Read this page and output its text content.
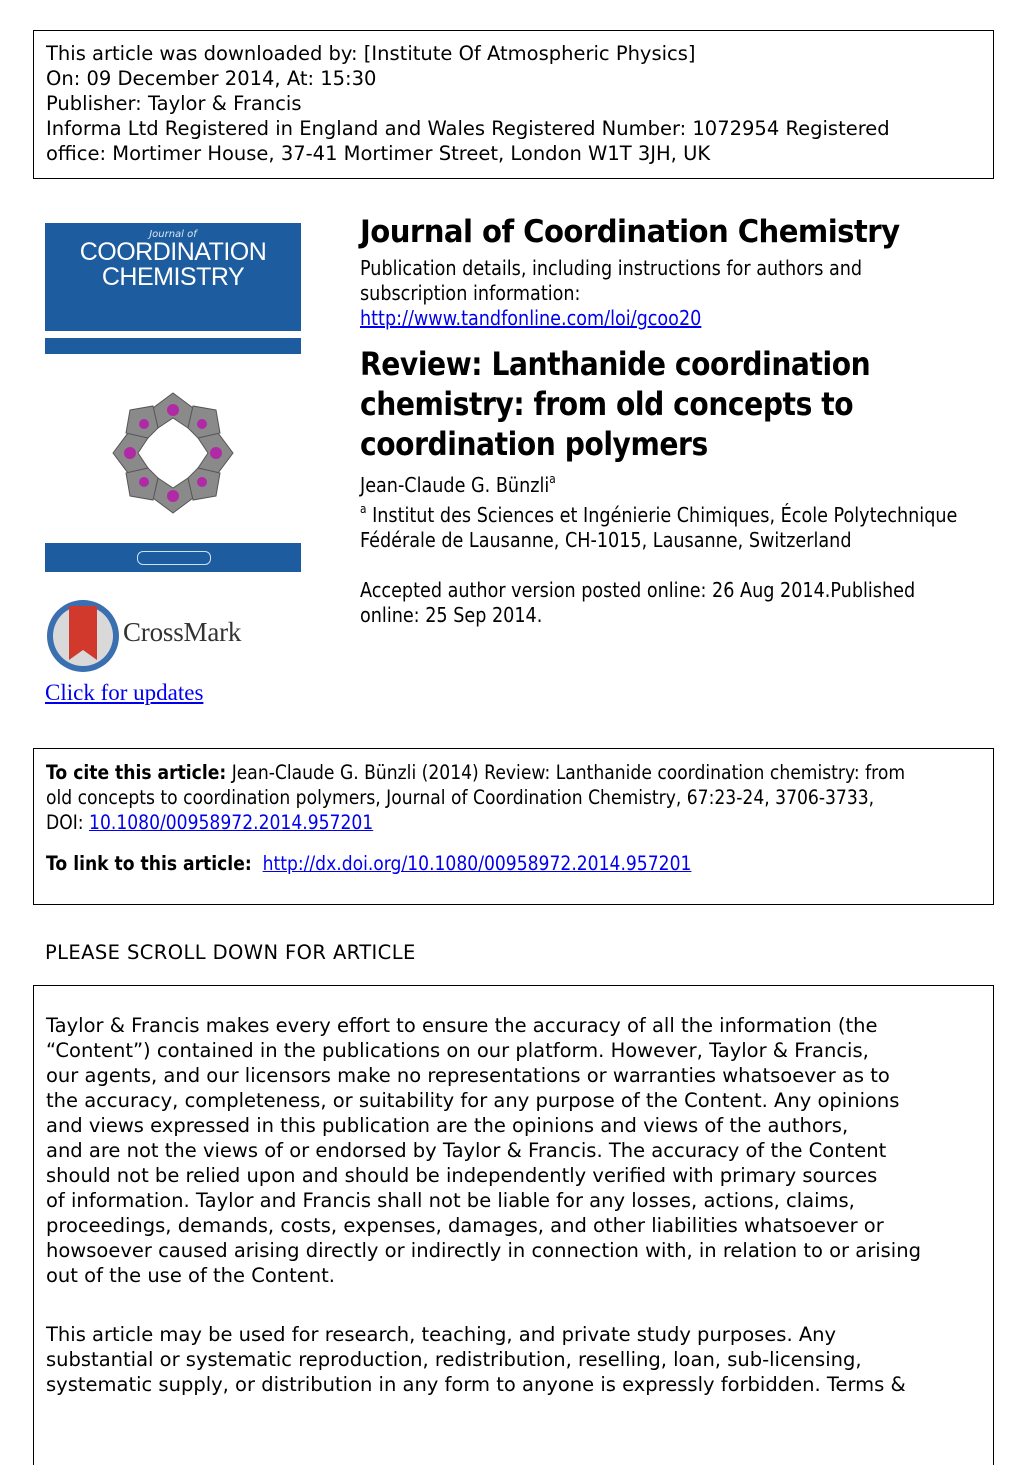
This article was downloaded by: [Institute Of Atmospheric Physics]
On: 09 December 2014, At: 15:30
Publisher: Taylor & Francis
Informa Ltd Registered in England and Wales Registered Number: 1072954 Registered
office: Mortimer House, 37-41 Mortimer Street, London W1T 3JH, UK
Journal of
COORDINATION
CHEMISTRY
CrossMark
Click for updates
Journal of Coordination Chemistry
Publication details, including instructions for authors and
subscription information:
http://www.tandfonline.com/loi/gcoo20
Review: Lanthanide coordination chemistry: from old concepts to coordination polymers
Jean-Claude G. Bünzli$^a$
$^a$ Institut des Sciences et Ingénierie Chimiques, École Polytechnique Fédérale de Lausanne, CH-1015, Lausanne, Switzerland
Accepted author version posted online: 26 Aug 2014.Published
online: 25 Sep 2014.
To cite this article: Jean-Claude G. Bünzli (2014) Review: Lanthanide coordination chemistry: from
old concepts to coordination polymers, Journal of Coordination Chemistry, 67:23-24, 3706-3733,
DOI: 10.1080/00958972.2014.957201
To link to this article: http://dx.doi.org/10.1080/00958972.2014.957201
PLEASE SCROLL DOWN FOR ARTICLE

Taylor & Francis makes every effort to ensure the accuracy of all the information (the
“Content”) contained in the publications on our platform. However, Taylor & Francis,
our agents, and our licensors make no representations or warranties whatsoever as to
the accuracy, completeness, or suitability for any purpose of the Content. Any opinions
and views expressed in this publication are the opinions and views of the authors,
and are not the views of or endorsed by Taylor & Francis. The accuracy of the Content
should not be relied upon and should be independently verified with primary sources
of information. Taylor and Francis shall not be liable for any losses, actions, claims,
proceedings, demands, costs, expenses, damages, and other liabilities whatsoever or
howsoever caused arising directly or indirectly in connection with, in relation to or arising
out of the use of the Content.

This article may be used for research, teaching, and private study purposes. Any
substantial or systematic reproduction, redistribution, reselling, loan, sub-licensing,
systematic supply, or distribution in any form to anyone is expressly forbidden. Terms &
